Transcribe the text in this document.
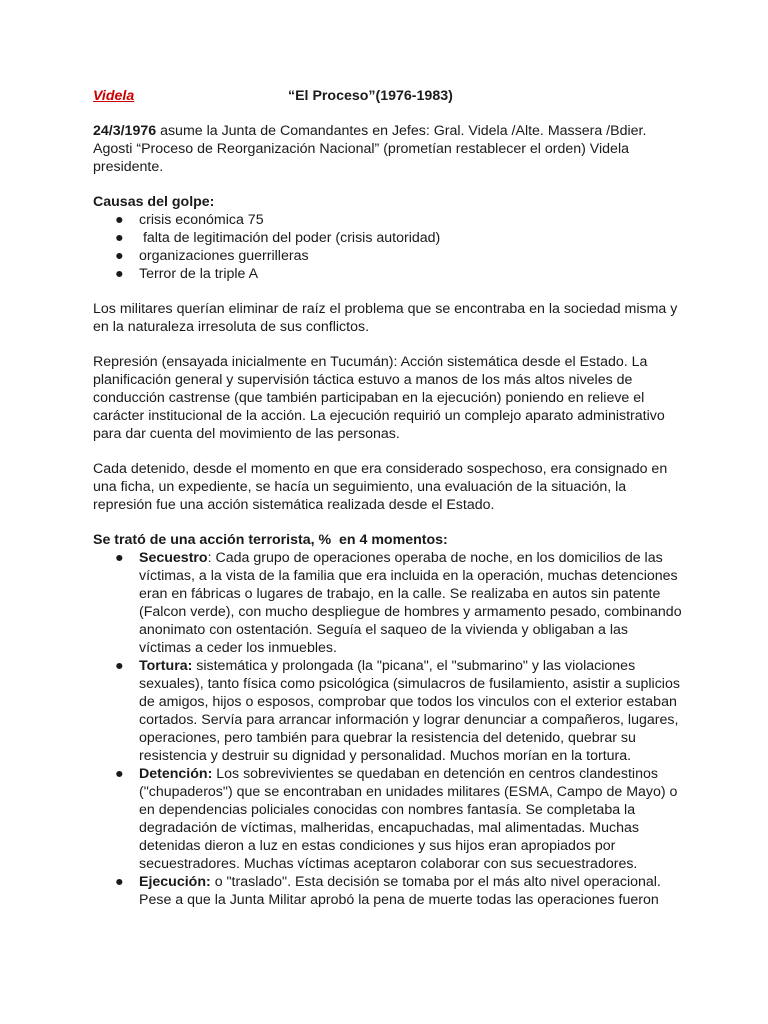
Videla	“El Proceso”(1976-1983)

24/3/1976 asume la Junta de Comandantes en Jefes: Gral. Videla /Alte. Massera /Bdier. Agosti “Proceso de Reorganización Nacional” (prometían restablecer el orden) Videla presidente.

Causas del golpe:

● crisis económica 75
● falta de legitimación del poder (crisis autoridad)
● organizaciones guerrilleras
● Terror de la triple A

Los militares querían eliminar de raíz el problema que se encontraba en la sociedad misma y en la naturaleza irresoluta de sus conflictos.

Represión (ensayada inicialmente en Tucumán): Acción sistemática desde el Estado. La planificación general y supervisión táctica estuvo a manos de los más altos niveles de conducción castrense (que también participaban en la ejecución) poniendo en relieve el carácter institucional de la acción. La ejecución requirió un complejo aparato administrativo para dar cuenta del movimiento de las personas.

Cada detenido, desde el momento en que era considerado sospechoso, era consignado en una ficha, un expediente, se hacía un seguimiento, una evaluación de la situación, la represión fue una acción sistemática realizada desde el Estado.

Se trató de una acción terrorista, %  en 4 momentos:

● Secuestro: Cada grupo de operaciones operaba de noche, en los domicilios de las víctimas, a la vista de la familia que era incluida en la operación, muchas detenciones eran en fábricas o lugares de trabajo, en la calle. Se realizaba en autos sin patente (Falcon verde), con mucho despliegue de hombres y armamento pesado, combinando anonimato con ostentación. Seguía el saqueo de la vivienda y obligaban a las víctimas a ceder los inmuebles.
● Tortura: sistemática y prolongada (la "picana", el "submarino" y las violaciones sexuales), tanto física como psicológica (simulacros de fusilamiento, asistir a suplicios de amigos, hijos o esposos, comprobar que todos los vinculos con el exterior estaban cortados. Servía para arrancar información y lograr denunciar a compañeros, lugares, operaciones, pero también para quebrar la resistencia del detenido, quebrar su resistencia y destruir su dignidad y personalidad. Muchos morían en la tortura.
● Detención: Los sobrevivientes se quedaban en detención en centros clandestinos ("chupaderos") que se encontraban en unidades militares (ESMA, Campo de Mayo) o en dependencias policiales conocidas con nombres fantasía. Se completaba la degradación de víctimas, malheridas, encapuchadas, mal alimentadas. Muchas detenidas dieron a luz en estas condiciones y sus hijos eran apropiados por secuestradores. Muchas víctimas aceptaron colaborar con sus secuestradores.
● Ejecución: o "traslado". Esta decisión se tomaba por el más alto nivel operacional. Pese a que la Junta Militar aprobó la pena de muerte todas las operaciones fueron
